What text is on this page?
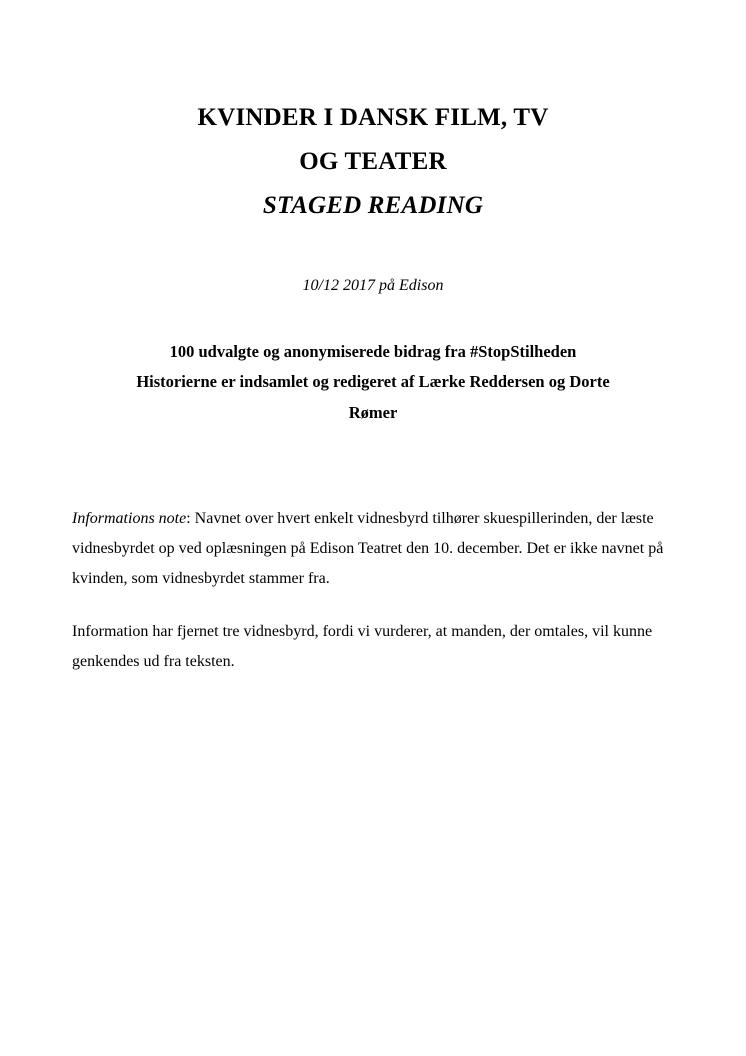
KVINDER I DANSK FILM, TV
OG TEATER
STAGED READING

10/12 2017 på Edison

100 udvalgte og anonymiserede bidrag fra #StopStilheden
Historierne er indsamlet og redigeret af Lærke Reddersen og Dorte
Rømer

Informations note: Navnet over hvert enkelt vidnesbyrd tilhører skuespillerinden, der læste vidnesbyrdet op ved oplæsningen på Edison Teatret den 10. december. Det er ikke navnet på kvinden, som vidnesbyrdet stammer fra.

Information har fjernet tre vidnesbyrd, fordi vi vurderer, at manden, der omtales, vil kunne genkendes ud fra teksten.
